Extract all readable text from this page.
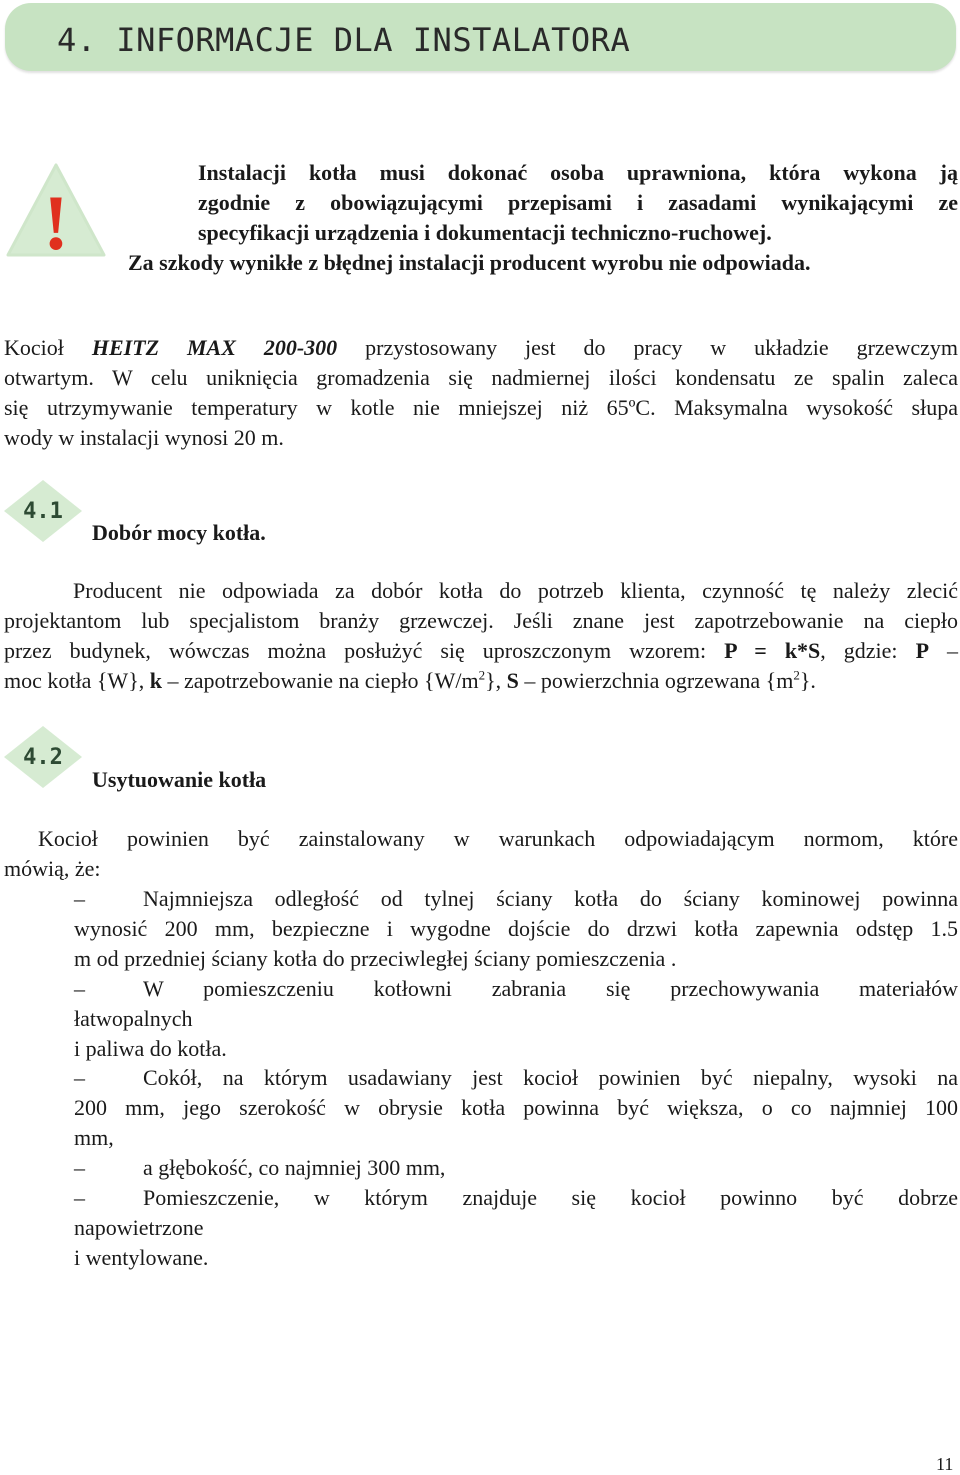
4. INFORMACJE DLA INSTALATORA
!

Instalacji kotła musi dokonać osoba uprawniona, która wykona ją

zgodnie z obowiązującymi przepisami i zasadami wynikającymi ze

specyfikacji urządzenia i dokumentacji techniczno-ruchowej.

Za szkody wynikłe z błędnej instalacji producent wyrobu nie odpowiada.

Kocioł HEITZ MAX 200-300 przystosowany jest do pracy w układzie grzewczym
otwartym. W celu uniknięcia gromadzenia się nadmiernej ilości kondensatu ze spalin zaleca
się utrzymywanie temperatury w kotle nie mniejszej niż 65ºC. Maksymalna wysokość słupa
wody w instalacji wynosi 20 m.
4.1

Dobór mocy kotła.

Producent nie odpowiada za dobór kotła do potrzeb klienta, czynność tę należy zlecić
projektantom lub specjalistom branży grzewczej. Jeśli znane jest zapotrzebowanie na ciepło
przez budynek, wówczas można posłużyć się uproszczonym wzorem: P = k*S, gdzie: P –
moc kotła {W}, k – zapotrzebowanie na ciepło $\{W/m^2\}$, S – powierzchnia ogrzewana $\{m^2\}$.
4.2

Usytuowanie kotła

Kocioł powinien być zainstalowany w warunkach odpowiadającym normom, które
mówią, że:
–	Najmniejsza odległość od tylnej ściany kotła do ściany kominowej powinna
wynosić 200 mm, bezpieczne i wygodne dojście do drzwi kotła zapewnia odstęp 1.5
m od przedniej ściany kotła do przeciwległej ściany pomieszczenia .
–	W pomieszczeniu kotłowni zabrania się przechowywania materiałów
łatwopalnych
i paliwa do kotła.
–	Cokół, na którym usadawiany jest kocioł powinien być niepalny, wysoki na
200 mm, jego szerokość w obrysie kotła powinna być większa, o co najmniej 100
mm,
–	a głębokość, co najmniej 300 mm,
–	Pomieszczenie, w którym znajduje się kocioł powinno być dobrze
napowietrzone
i wentylowane.
11
